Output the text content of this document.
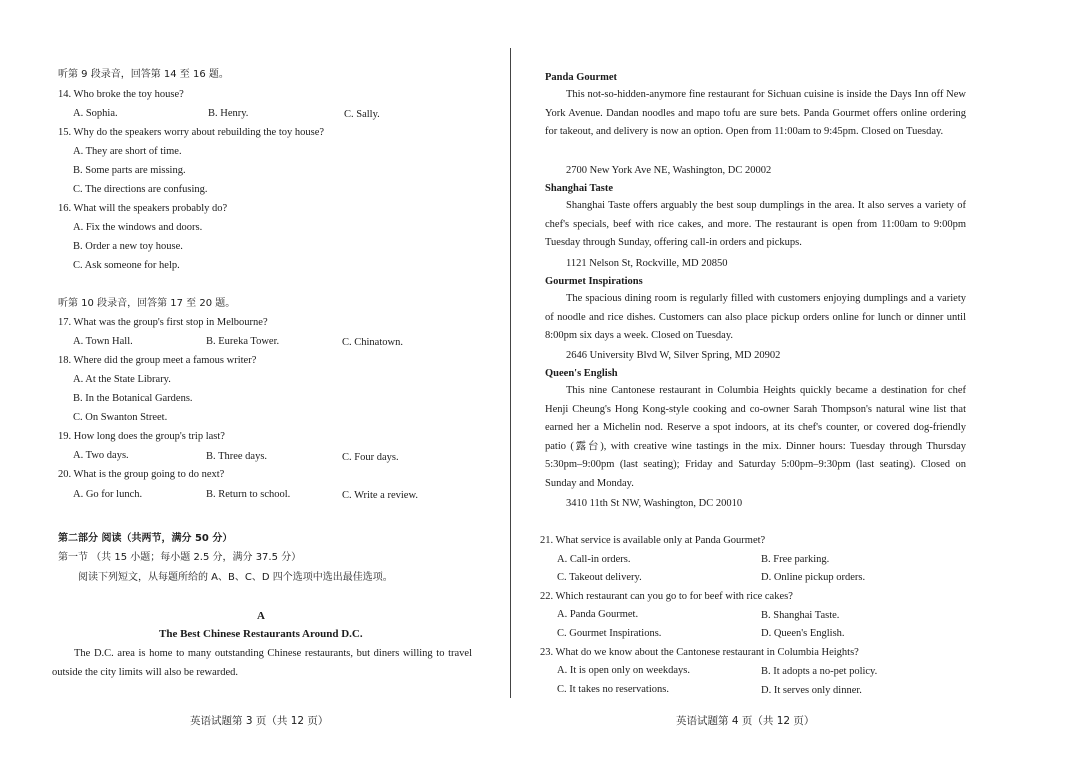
听第 9 段录音，回答第 14 至 16 题。
14. Who broke the toy house?
A. Sophia.	B. Henry.	C. Sally.
15. Why do the speakers worry about rebuilding the toy house?
A. They are short of time.
B. Some parts are missing.
C. The directions are confusing.
16. What will the speakers probably do?
A. Fix the windows and doors.
B. Order a new toy house.
C. Ask someone for help.
听第 10 段录音，回答第 17 至 20 题。
17. What was the group's first stop in Melbourne?
A. Town Hall.	B. Eureka Tower.	C. Chinatown.
18. Where did the group meet a famous writer?
A. At the State Library.
B. In the Botanical Gardens.
C. On Swanton Street.
19. How long does the group's trip last?
A. Two days.	B. Three days.	C. Four days.
20. What is the group going to do next?
A. Go for lunch.	B. Return to school.	C. Write a review.
第二部分 阅读（共两节，满分 50 分）
第一节 （共 15 小题；每小题 2.5 分，满分 37.5 分）
阅读下列短文，从每题所给的 A、B、C、D 四个选项中选出最佳选项。
A
The Best Chinese Restaurants Around D.C.
The D.C. area is home to many outstanding Chinese restaurants, but diners willing to travel outside the city limits will also be rewarded.
英语试题第 3 页（共 12 页）
Panda Gourmet
This not-so-hidden-anymore fine restaurant for Sichuan cuisine is inside the Days Inn off New York Avenue. Dandan noodles and mapo tofu are sure bets. Panda Gourmet offers online ordering for takeout, and delivery is now an option. Open from 11:00am to 9:45pm. Closed on Tuesday.
2700 New York Ave NE, Washington, DC 20002
Shanghai Taste
Shanghai Taste offers arguably the best soup dumplings in the area. It also serves a variety of chef's specials, beef with rice cakes, and more. The restaurant is open from 11:00am to 9:00pm Tuesday through Sunday, offering call-in orders and pickups.
1121 Nelson St, Rockville, MD 20850
Gourmet Inspirations
The spacious dining room is regularly filled with customers enjoying dumplings and a variety of noodle and rice dishes. Customers can also place pickup orders online for lunch or dinner until 8:00pm six days a week. Closed on Tuesday.
2646 University Blvd W, Silver Spring, MD 20902
Queen's English
This nine Cantonese restaurant in Columbia Heights quickly became a destination for chef Henji Cheung's Hong Kong-style cooking and co-owner Sarah Thompson's natural wine list that earned her a Michelin nod. Reserve a spot indoors, at its chef's counter, or covered dog-friendly patio (露台), with creative wine tastings in the mix. Dinner hours: Tuesday through Thursday 5:30pm–9:00pm (last seating); Friday and Saturday 5:00pm–9:30pm (last seating). Closed on Sunday and Monday.
3410 11th St NW, Washington, DC 20010
21. What service is available only at Panda Gourmet?
A. Call-in orders.	B. Free parking.
C. Takeout delivery.	D. Online pickup orders.
22. Which restaurant can you go to for beef with rice cakes?
A. Panda Gourmet.	B. Shanghai Taste.
C. Gourmet Inspirations.	D. Queen's English.
23. What do we know about the Cantonese restaurant in Columbia Heights?
A. It is open only on weekdays.	B. It adopts a no-pet policy.
C. It takes no reservations.	D. It serves only dinner.
英语试题第 4 页（共 12 页）
